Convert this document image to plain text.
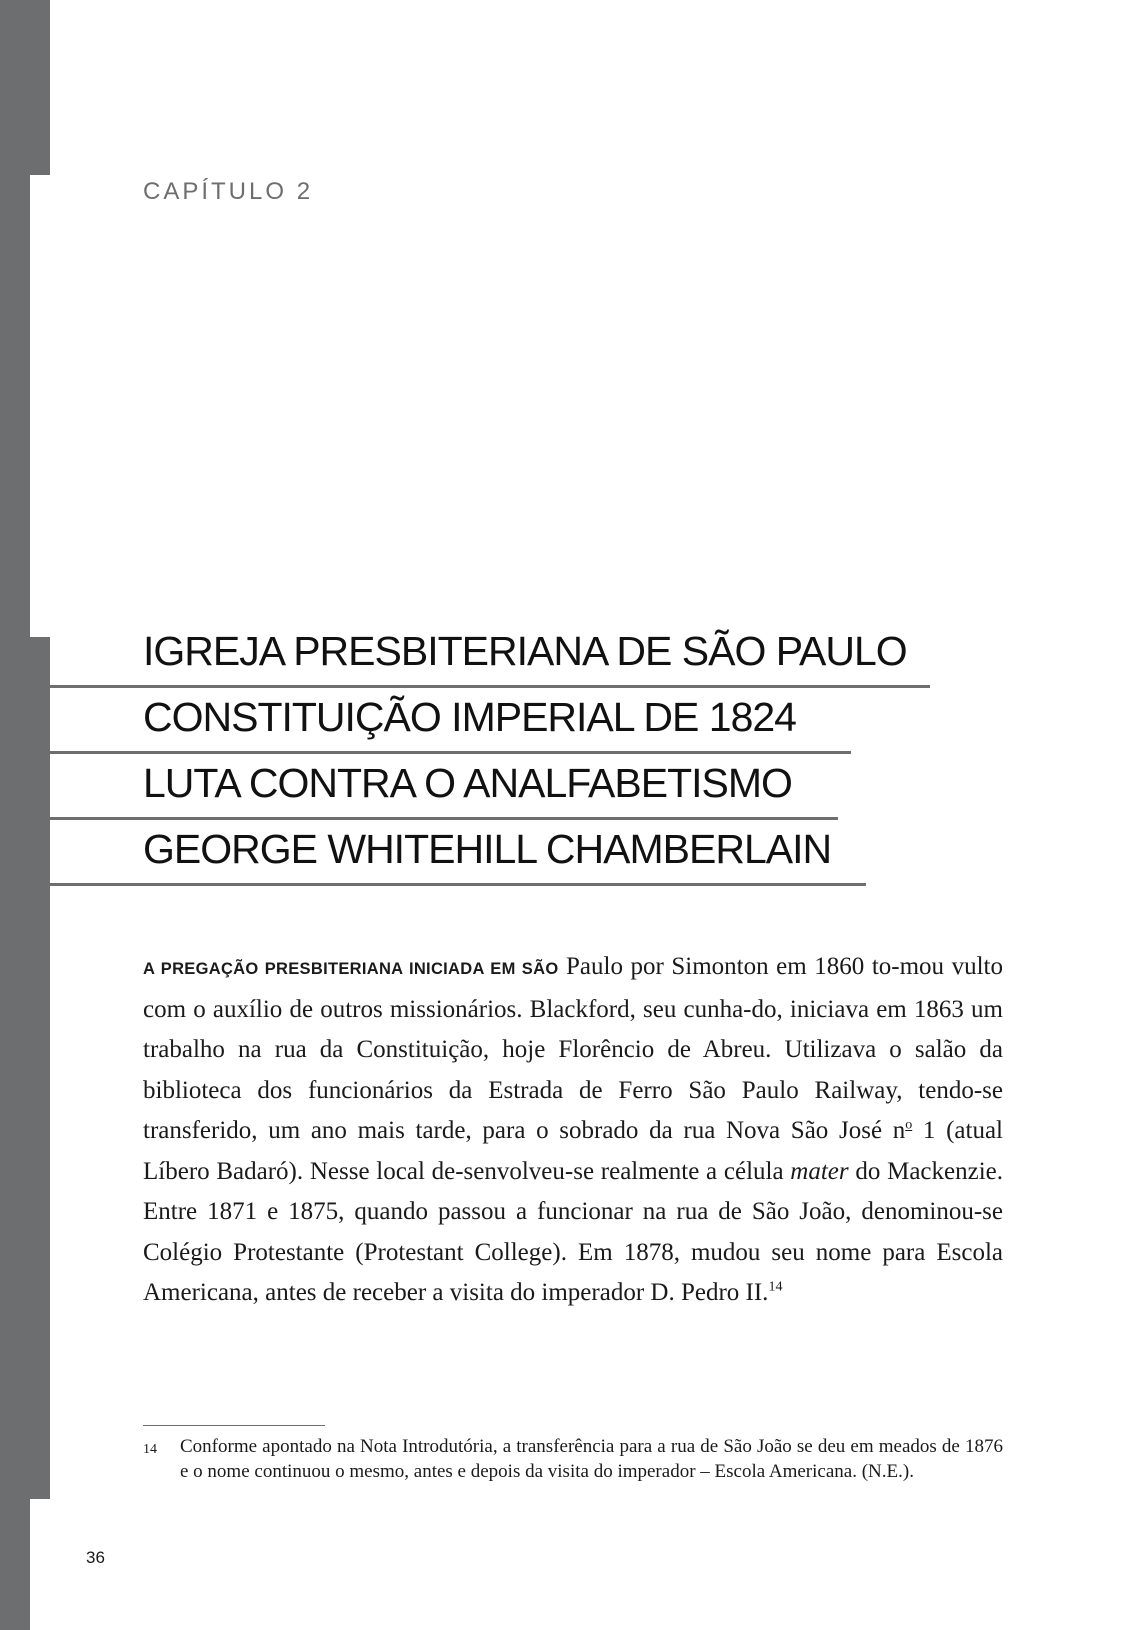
CAPÍTULO 2
IGREJA PRESBITERIANA DE SÃO PAULO
CONSTITUIÇÃO IMPERIAL DE 1824
LUTA CONTRA O ANALFABETISMO
GEORGE WHITEHILL CHAMBERLAIN

A PREGAÇÃO PRESBITERIANA INICIADA EM SÃO Paulo por Simonton em 1860 to-mou vulto com o auxílio de outros missionários. Blackford, seu cunha-do, iniciava em 1863 um trabalho na rua da Constituição, hoje Florêncio de Abreu. Utilizava o salão da biblioteca dos funcionários da Estrada de Ferro São Paulo Railway, tendo-se transferido, um ano mais tarde, para o sobrado da rua Nova São José $n^o$ 1 (atual Líbero Badaró). Nesse local de-senvolveu-se realmente a célula mater do Mackenzie. Entre 1871 e 1875, quando passou a funcionar na rua de São João, denominou-se Colégio Protestante (Protestant College). Em 1878, mudou seu nome para Escola Americana, antes de receber a visita do imperador D. Pedro II.$^{14}$

14	Conforme apontado na Nota Introdutória, a transferência para a rua de São João se deu em meados de 1876 e o nome continuou o mesmo, antes e depois da visita do imperador – Escola Americana. (N.E.).
36
